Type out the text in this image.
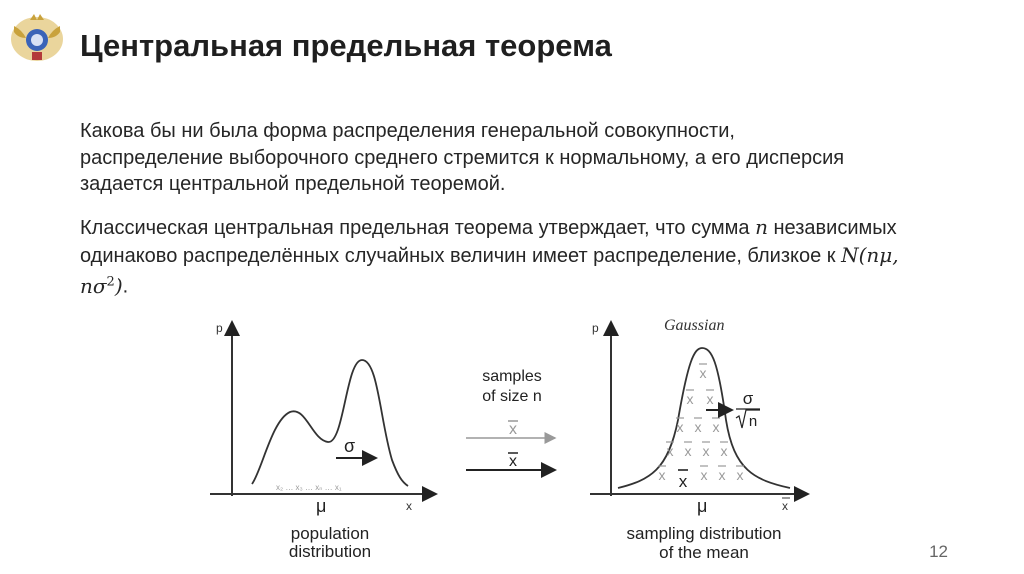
Центральная предельная теорема

Какова бы ни была форма распределения генеральной совокупности, распределение выборочного среднего стремится к нормальному, а его дисперсия задается центральной предельной теоремой.

Классическая центральная предельная теорема утверждает, что сумма n независимых одинаково распределённых случайных величин имеет распределение, близкое к N(nμ, $n\sigma^2$).

p
x
σ
x₂ … x₃ … xₙ … x₁
μ
population
distribution
samples
of size n
x
x
p
x
Gaussian
x
x x
x x x
x x x x
x	x x x
x
σ
n
μ
sampling distribution
of the mean	12
